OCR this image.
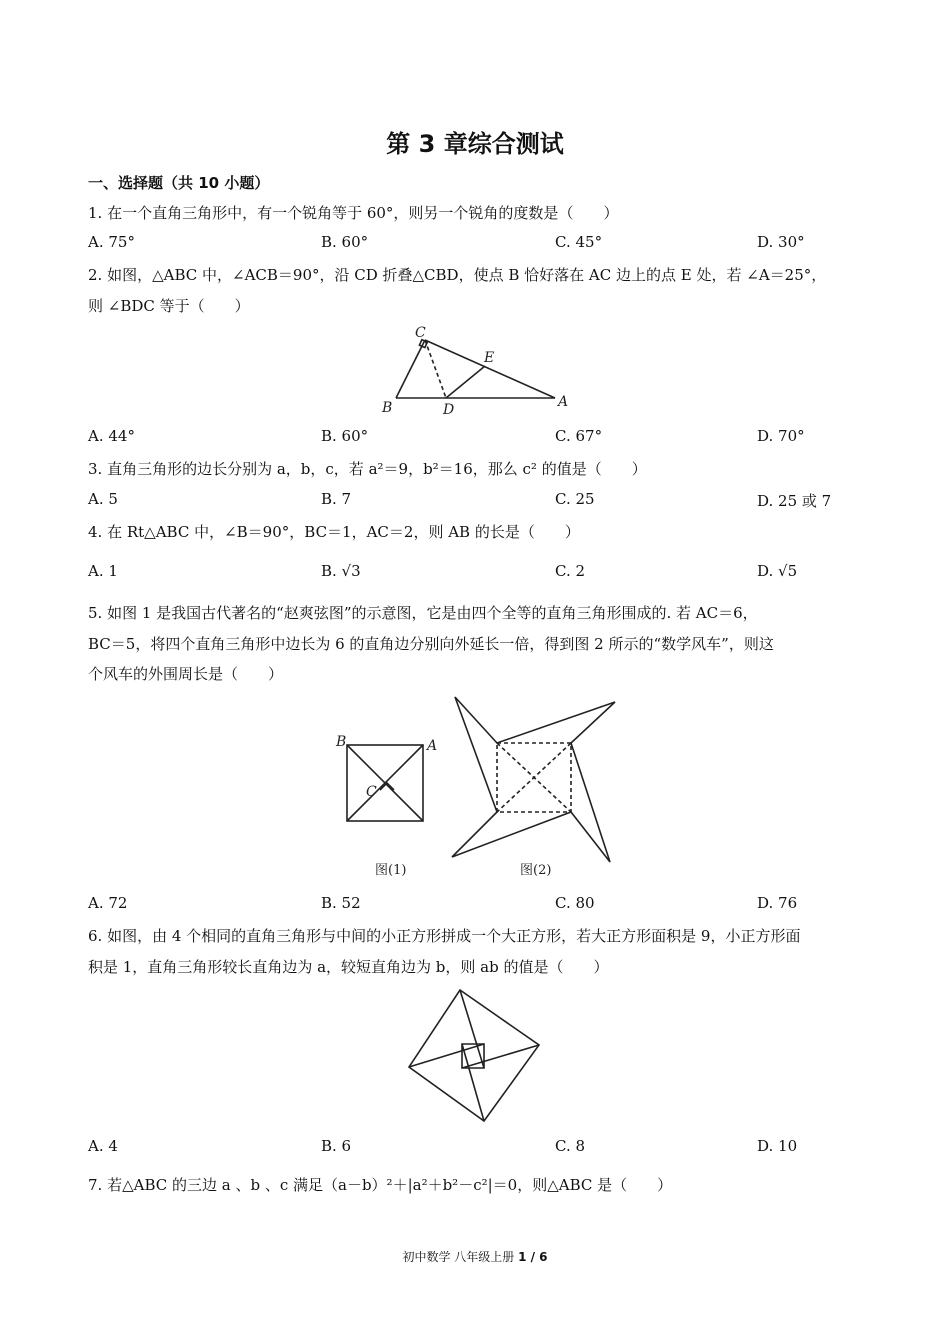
第 3 章综合测试
一、选择题（共 10 小题）
1. 在一个直角三角形中，有一个锐角等于 60°，则另一个锐角的度数是（　　）
A. 75°	B. 60°	C. 45°	D. 30°
2. 如图，△ABC 中，∠ACB＝90°，沿 CD 折叠△CBD，使点 B 恰好落在 AC 边上的点 E 处，若 ∠A＝25°，
则 ∠BDC 等于（　　）
C
E
B	D	A
A. 44°	B. 60°	C. 67°	D. 70°
3. 直角三角形的边长分别为 a，b，c，若 a²＝9，b²＝16，那么 c² 的值是（　　）
A. 5	B. 7	C. 25	D. 25 或 7
4. 在 Rt△ABC 中，∠B＝90°，BC＝1，AC＝2，则 AB 的长是（　　）
A. 1	B. √3	C. 2	D. √5
5. 如图 1 是我国古代著名的“赵爽弦图”的示意图，它是由四个全等的直角三角形围成的. 若 AC＝6，
BC＝5，将四个直角三角形中边长为 6 的直角边分别向外延长一倍，得到图 2 所示的“数学风车”，则这
个风车的外围周长是（　　）
B	A
C
图(1)	图(2)
A. 72	B. 52	C. 80	D. 76
6. 如图，由 4 个相同的直角三角形与中间的小正方形拼成一个大正方形，若大正方形面积是 9，小正方形面
积是 1，直角三角形较长直角边为 a，较短直角边为 b，则 ab 的值是（　　）
A. 4	B. 6	C. 8	D. 10
7. 若△ABC 的三边 a 、b 、c 满足（a－b）²＋|a²＋b²－c²|＝0，则△ABC 是（　　）
初中数学 八年级上册 1 / 6
